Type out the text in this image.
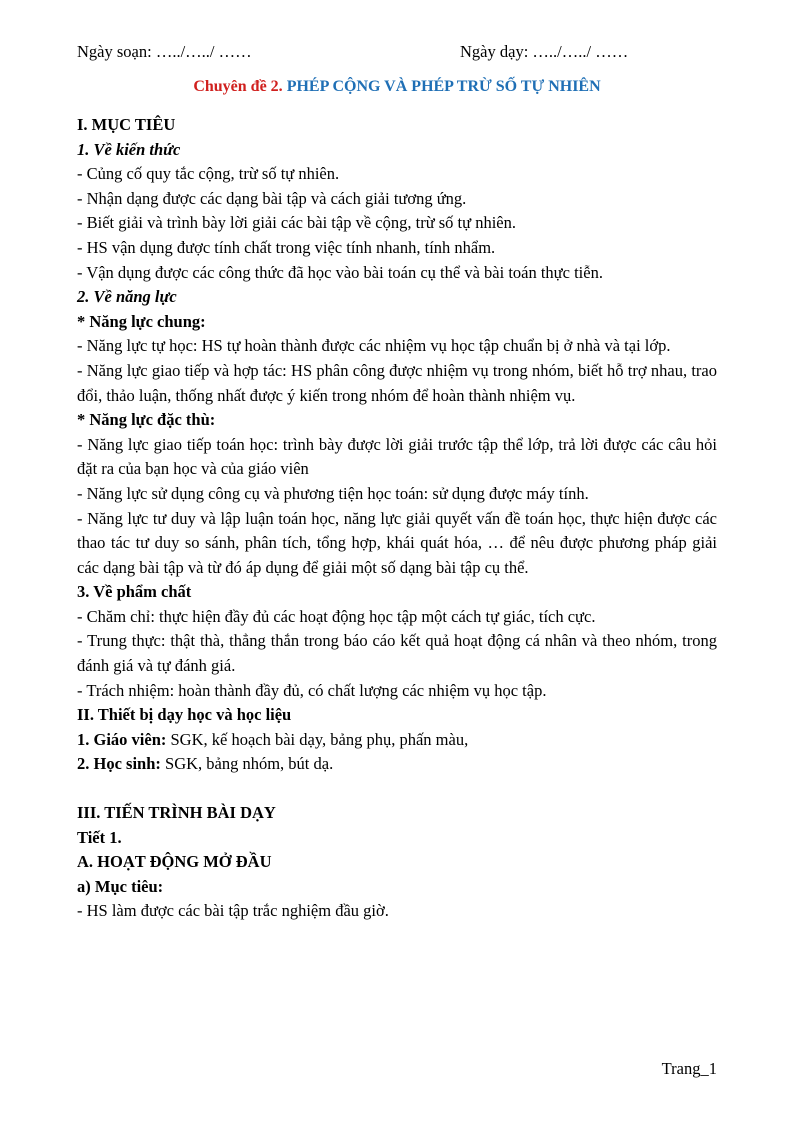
Ngày soạn: …../…../ ……	Ngày dạy: …../…../ ……
Chuyên đề 2. PHÉP CỘNG VÀ PHÉP TRỪ SỐ TỰ NHIÊN
I. MỤC TIÊU
1. Về kiến thức
- Củng cố quy tắc cộng, trừ số tự nhiên.
- Nhận dạng được các dạng bài tập và cách giải tương ứng.
- Biết giải và trình bày lời giải các bài tập về cộng, trừ số tự nhiên.
- HS vận dụng được tính chất trong việc tính nhanh, tính nhẩm.
- Vận dụng được các công thức đã học vào bài toán cụ thể và bài toán thực tiễn.
2. Về năng lực
* Năng lực chung:
- Năng lực tự học: HS tự hoàn thành được các nhiệm vụ học tập chuẩn bị ở nhà và tại lớp.
- Năng lực giao tiếp và hợp tác: HS phân công được nhiệm vụ trong nhóm, biết hỗ trợ nhau, trao đổi, thảo luận, thống nhất được ý kiến trong nhóm để hoàn thành nhiệm vụ.
* Năng lực đặc thù:
- Năng lực giao tiếp toán học: trình bày được lời giải trước tập thể lớp, trả lời được các câu hỏi đặt ra của bạn học và của giáo viên
- Năng lực sử dụng công cụ và phương tiện học toán: sử dụng được máy tính.
- Năng lực tư duy và lập luận toán học, năng lực giải quyết vấn đề toán học, thực hiện được các thao tác tư duy so sánh, phân tích, tổng hợp, khái quát hóa, … để nêu được phương pháp giải các dạng bài tập và từ đó áp dụng để giải một số dạng bài tập cụ thể.
3. Về phẩm chất
- Chăm chỉ: thực hiện đầy đủ các hoạt động học tập một cách tự giác, tích cực.
- Trung thực: thật thà, thẳng thắn trong báo cáo kết quả hoạt động cá nhân và theo nhóm, trong đánh giá và tự đánh giá.
- Trách nhiệm: hoàn thành đầy đủ, có chất lượng các nhiệm vụ học tập.
II. Thiết bị dạy học và học liệu
1. Giáo viên: SGK, kế hoạch bài dạy, bảng phụ, phấn màu,
2. Học sinh: SGK, bảng nhóm, bút dạ.
III. TIẾN TRÌNH BÀI DẠY
Tiết 1.
A. HOẠT ĐỘNG MỞ ĐẦU
a) Mục tiêu:
- HS làm được các bài tập trắc nghiệm đầu giờ.
Trang_1
